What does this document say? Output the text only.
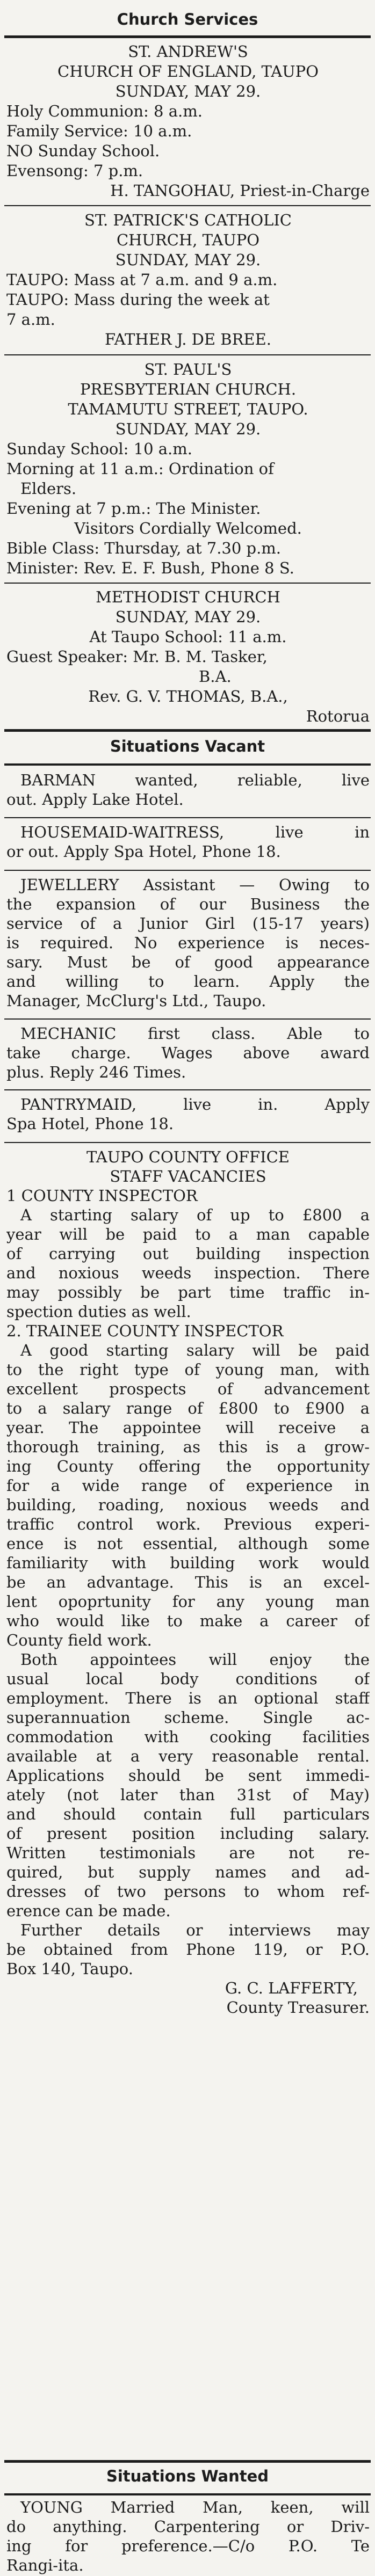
Church Services
ST. ANDREW'S
CHURCH OF ENGLAND, TAUPO
SUNDAY, MAY 29.
Holy Communion: 8 a.m.
Family Service: 10 a.m.
NO Sunday School.
Evensong: 7 p.m.
H. TANGOHAU, Priest-in-Charge
ST. PATRICK'S CATHOLIC
CHURCH, TAUPO
SUNDAY, MAY 29.
TAUPO: Mass at 7 a.m. and 9 a.m.
TAUPO: Mass during the week at
7 a.m.
FATHER J. DE BREE.
ST. PAUL'S
PRESBYTERIAN CHURCH.
TAMAMUTU STREET, TAUPO.
SUNDAY, MAY 29.
Sunday School: 10 a.m.
Morning at 11 a.m.: Ordination of
Elders.
Evening at 7 p.m.: The Minister.
Visitors Cordially Welcomed.
Bible Class: Thursday, at 7.30 p.m.
Minister: Rev. E. F. Bush, Phone 8 S.
METHODIST CHURCH
SUNDAY, MAY 29.
At Taupo School: 11 a.m.
Guest Speaker: Mr. B. M. Tasker,
B.A.
Rev. G. V. THOMAS, B.A.,
Rotorua
Situations Vacant
BARMAN wanted, reliable, live
out. Apply Lake Hotel.
HOUSEMAID-WAITRESS, live in
or out. Apply Spa Hotel, Phone 18.
JEWELLERY Assistant — Owing to
the expansion of our Business the
service of a Junior Girl (15-17 years)
is required. No experience is neces-
sary. Must be of good appearance
and willing to learn. Apply the
Manager, McClurg's Ltd., Taupo.
MECHANIC first class. Able to
take charge. Wages above award
plus. Reply 246 Times.
PANTRYMAID, live in. Apply
Spa Hotel, Phone 18.
TAUPO COUNTY OFFICE
STAFF VACANCIES
1 COUNTY INSPECTOR
A starting salary of up to £800 a
year will be paid to a man capable
of carrying out building inspection
and noxious weeds inspection. There
may possibly be part time traffic in-
spection duties as well.
2. TRAINEE COUNTY INSPECTOR
A good starting salary will be paid
to the right type of young man, with
excellent prospects of advancement
to a salary range of £800 to £900 a
year. The appointee will receive a
thorough training, as this is a grow-
ing County offering the opportunity
for a wide range of experience in
building, roading, noxious weeds and
traffic control work. Previous experi-
ence is not essential, although some
familiarity with building work would
be an advantage. This is an excel-
lent opoprtunity for any young man
who would like to make a career of
County field work.
Both appointees will enjoy the
usual local body conditions of
employment. There is an optional staff
superannuation scheme. Single ac-
commodation with cooking facilities
available at a very reasonable rental.
Applications should be sent immedi-
ately (not later than 31st of May)
and should contain full particulars
of present position including salary.
Written testimonials are not re-
quired, but supply names and ad-
dresses of two persons to whom ref-
erence can be made.
Further details or interviews may
be obtained from Phone 119, or P.O.
Box 140, Taupo.
G. C. LAFFERTY,
County Treasurer.
Situations Wanted
YOUNG Married Man, keen, will
do anything. Carpentering or Driv-
ing for preference.—C/o P.O. Te
Rangi-ita.
